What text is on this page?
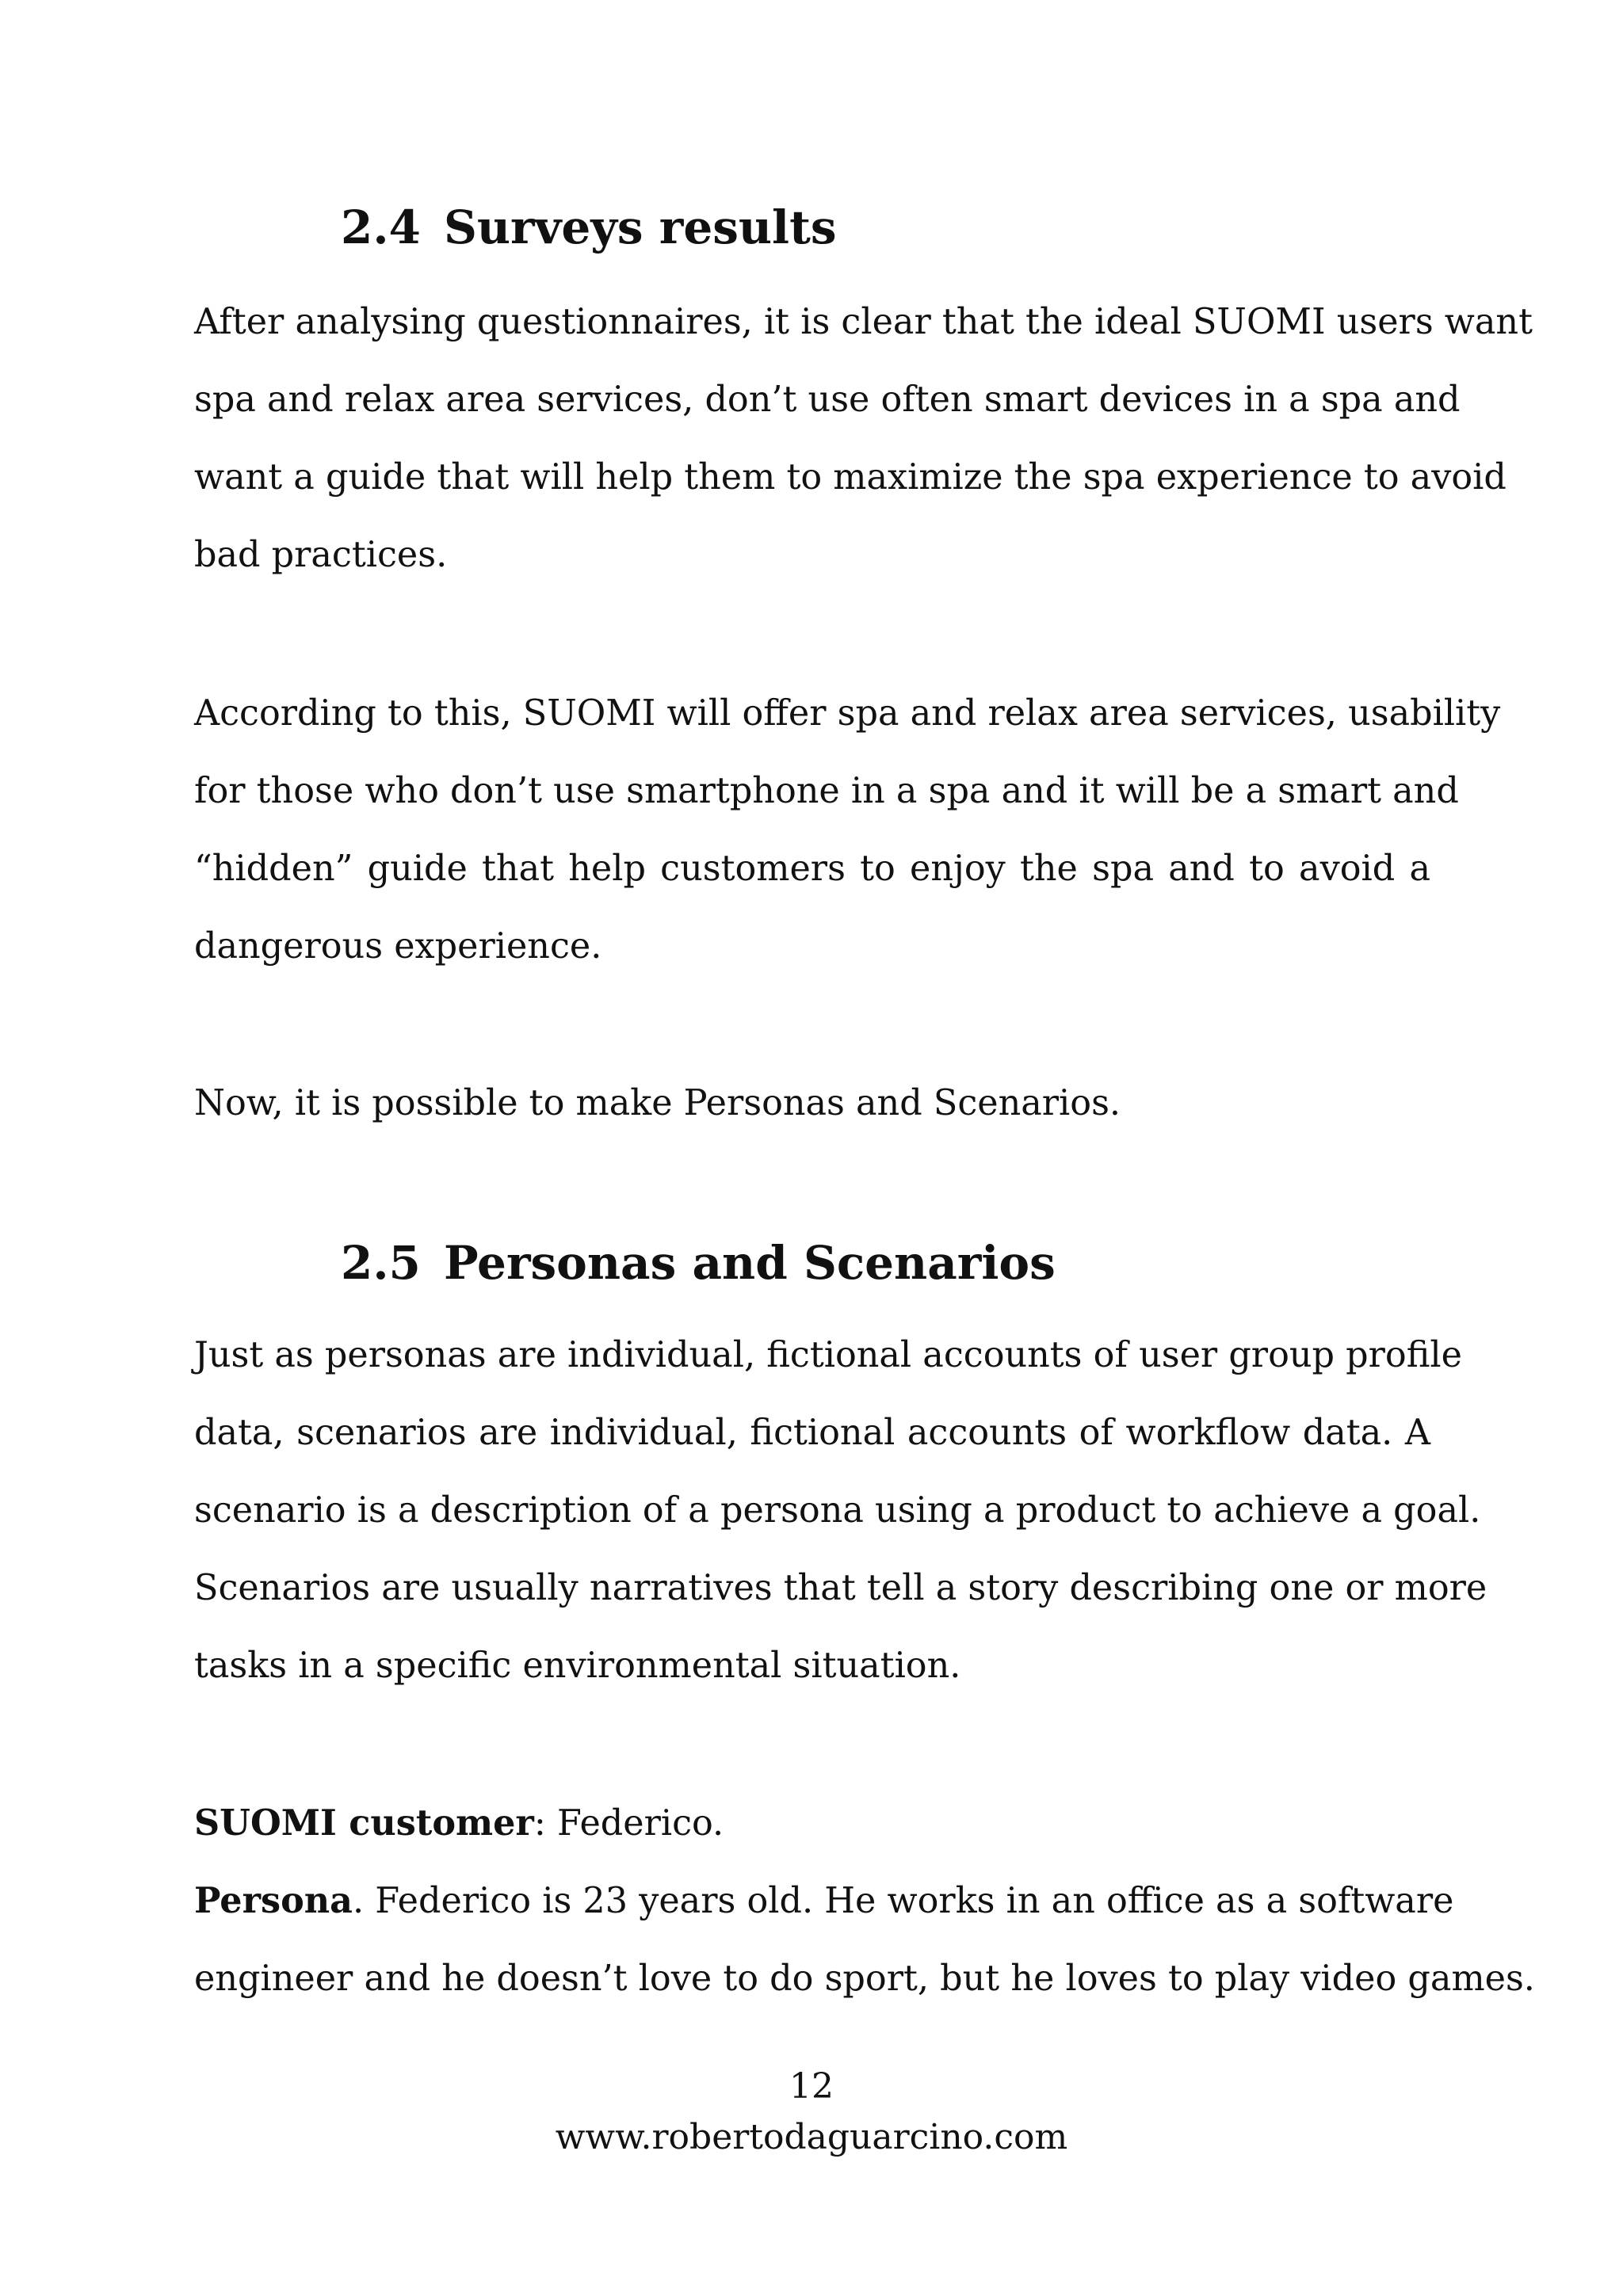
2.4 Surveys results
After analysing questionnaires, it is clear that the ideal SUOMI users want
spa and relax area services, don’t use often smart devices in a spa and
want a guide that will help them to maximize the spa experience to avoid
bad practices.
According to this, SUOMI will offer spa and relax area services, usability
for those who don’t use smartphone in a spa and it will be a smart and
“hidden” guide that help customers to enjoy the spa and to avoid a
dangerous experience.

Now, it is possible to make Personas and Scenarios.

2.5 Personas and Scenarios
Just as personas are individual, fictional accounts of user group profile
data, scenarios are individual, fictional accounts of workflow data. A
scenario is a description of a persona using a product to achieve a goal.
Scenarios are usually narratives that tell a story describing one or more
tasks in a specific environmental situation.

SUOMI customer: Federico.

Persona. Federico is 23 years old. He works in an office as a software
engineer and he doesn’t love to do sport, but he loves to play video games.

12

www.robertodaguarcino.com
